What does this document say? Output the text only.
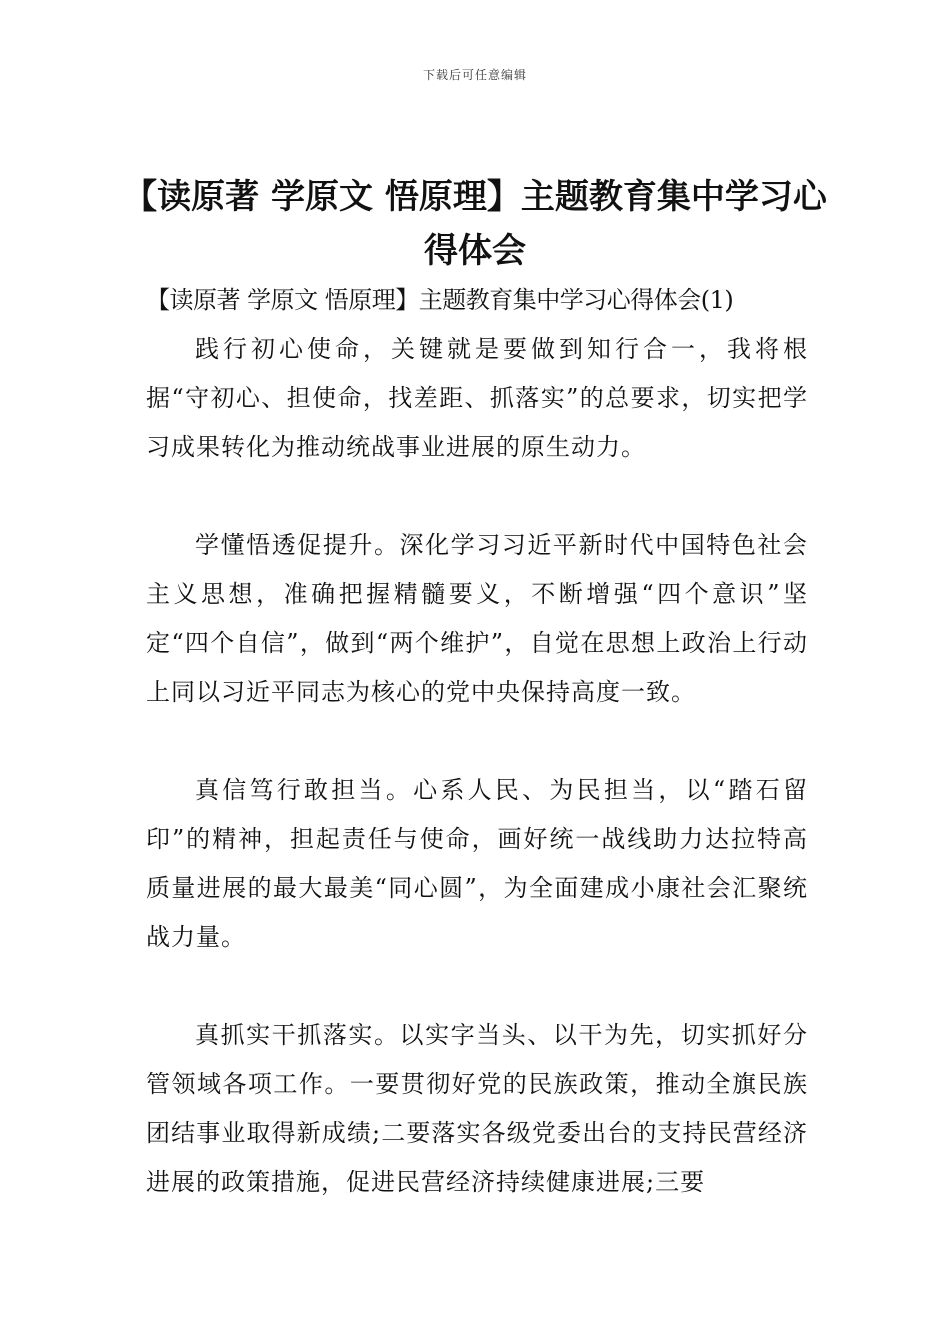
下载后可任意编辑
【读原著 学原文 悟原理】主题教育集中学习心得体会

【读原著 学原文 悟原理】主题教育集中学习心得体会(1)

践行初心使命，关键就是要做到知行合一，我将根据“守初心、担使命，找差距、抓落实”的总要求，切实把学习成果转化为推动统战事业进展的原生动力。

学懂悟透促提升。深化学习习近平新时代中国特色社会主义思想，准确把握精髓要义，不断增强“四个意识”坚定“四个自信”，做到“两个维护”，自觉在思想上政治上行动上同以习近平同志为核心的党中央保持高度一致。

真信笃行敢担当。心系人民、为民担当，以“踏石留印”的精神，担起责任与使命，画好统一战线助力达拉特高质量进展的最大最美“同心圆”，为全面建成小康社会汇聚统战力量。

真抓实干抓落实。以实字当头、以干为先，切实抓好分管领域各项工作。一要贯彻好党的民族政策，推动全旗民族团结事业取得新成绩;二要落实各级党委出台的支持民营经济进展的政策措施，促进民营经济持续健康进展;三要
